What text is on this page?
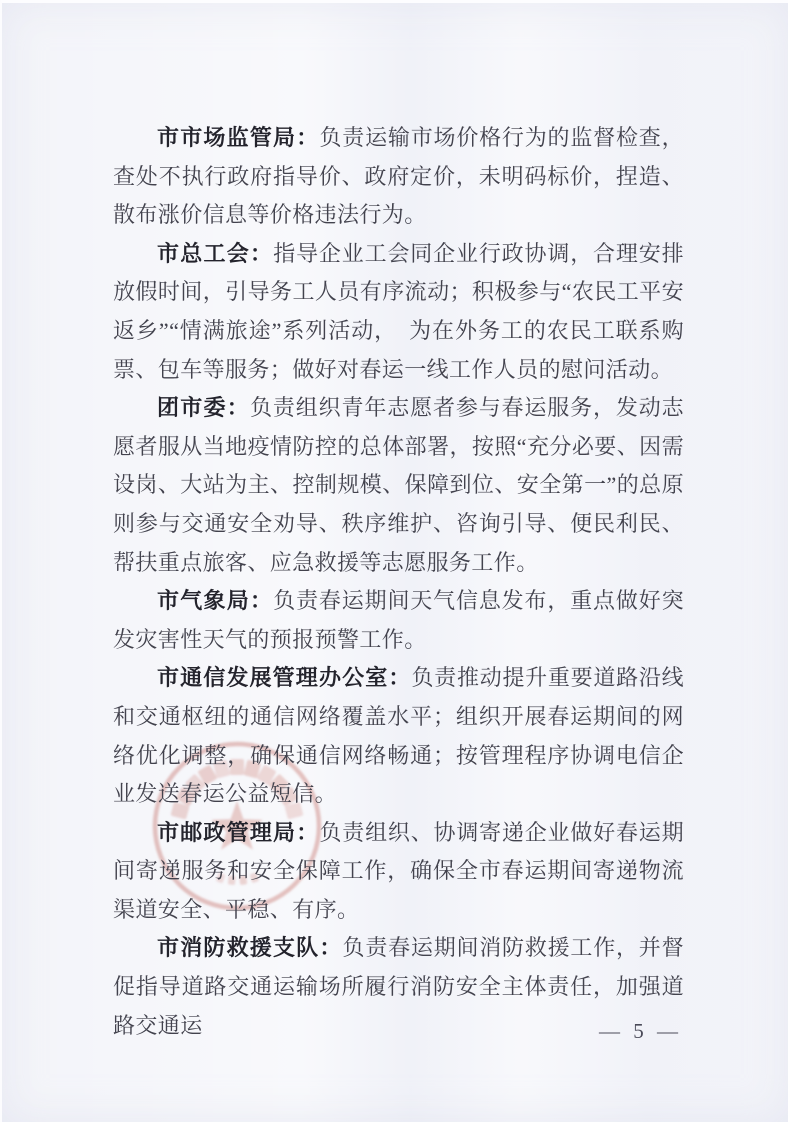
市市场监管局：负责运输市场价格行为的监督检查，查处不执行政府指导价、政府定价，未明码标价，捏造、散布涨价信息等价格违法行为。

市总工会：指导企业工会同企业行政协调，合理安排放假时间，引导务工人员有序流动；积极参与“农民工平安返乡”“情满旅途”系列活动，　为在外务工的农民工联系购票、包车等服务；做好对春运一线工作人员的慰问活动。

团市委：负责组织青年志愿者参与春运服务，发动志愿者服从当地疫情防控的总体部署，按照“充分必要、因需设岗、大站为主、控制规模、保障到位、安全第一”的总原则参与交通安全劝导、秩序维护、咨询引导、便民利民、帮扶重点旅客、应急救援等志愿服务工作。

市气象局：负责春运期间天气信息发布，重点做好突发灾害性天气的预报预警工作。

市通信发展管理办公室：负责推动提升重要道路沿线和交通枢纽的通信网络覆盖水平；组织开展春运期间的网络优化调整，确保通信网络畅通；按管理程序协调电信企业发送春运公益短信。

市邮政管理局：负责组织、协调寄递企业做好春运期间寄递服务和安全保障工作，确保全市春运期间寄递物流渠道安全、平稳、有序。

市消防救援支队：负责春运期间消防救援工作，并督促指导道路交通运输场所履行消防安全主体责任，加强道路交通运	— 5 —
